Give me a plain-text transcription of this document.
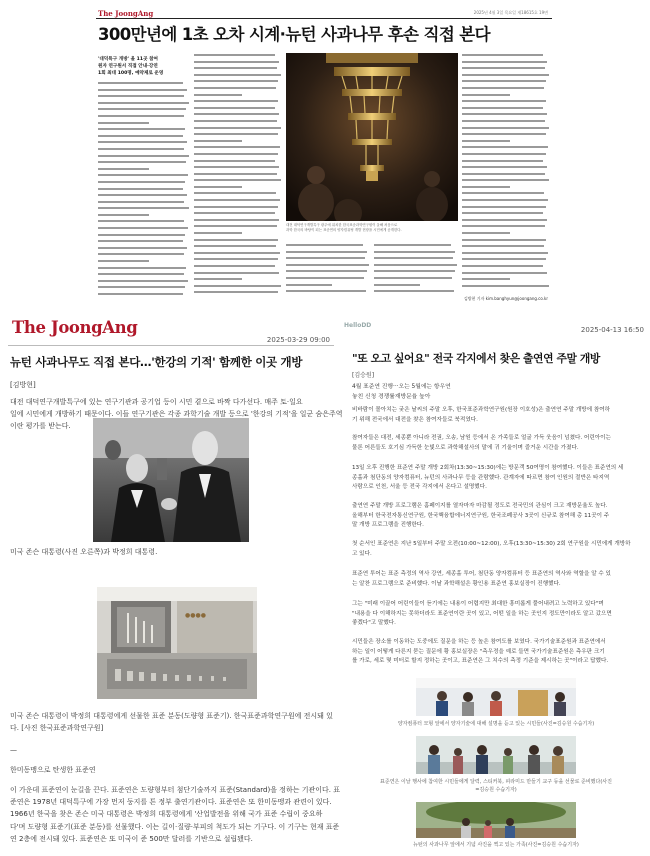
The JoongAng	2025년 4월 3일 목요일 제18615호 19면
300만년에 1초 오차 시계·뉴턴 사과나무 후손 직접 본다
'대덕특구 개방' 올 11곳 참여
원자 연구원서 직접 안내·강연
1회 최대 100명, 예약제로 운영
대전 대덕연구개발특구 광주에 위치한 한국표준과학연구원이 올해 처음으로
과학 한국의 바탕이 되는 표준연의 양자컴퓨팅 개발 현장을 시민에게 공개한다.
김방현 기자 kim.banghyun@joongang.co.kr
The JoongAng
2025-03-29 09:00
뉴턴 사과나무도 직접 본다…'한강의 기적' 함께한 이곳 개방
[김방현]
대전 대덕연구개발특구에 있는 연구기관과 공기업 등이 시민 곁으로 바짝 다가선다. 매주 토·일요
일에 시민에게 개방하기 때문이다. 이들 연구기관은 각종 과학기술 개발 등으로 '한강의 기적'을 일군 숨은주역
이란 평가를 받는다.
미국 존슨 대통령(사진 오른쪽)과 박정희 대통령.
●●●●
미국 존슨 대통령이 박정희 대통령에게 선물한 표준 분동(도량형 표준기). 한국표준과학연구원에 전시돼 있
다. [사진 한국표준과학연구원]
—
한미동맹으로 탄생한 표준연
이 가운데 표준연이 눈길을 끈다. 표준연은 도량형부터 첨단기술까지 표준(Standard)을 정하는 기관이다. 표
준연은 1978년 대덕특구에 가장 먼저 둥지를 튼 정부 출연기관이다. 표준연은 또 한미동맹과 관련이 있다.
1966년 한국을 찾은 존슨 미국 대통령은 박정희 대통령에게 '산업발전을 위해 국가 표준 수립이 중요하
다'며 도량형 표준기(표준 분동)를 선물했다. 이는 길이·질량·부피의 척도가 되는 기구다. 이 기구는 현재 표준
연 2층에 전시돼 있다. 표준연은 또 미국이 준 500만 달러를 기반으로 설립됐다.
HelloDD
2025-04-13 16:50
"또 오고 싶어요" 전국 각지에서 찾은 출연연 주말 개방
[김승원]
4월 표준연 진행···오는 5월에는 항우연
놓친 신청 경쟁률재방문율 높아
비바람이 몰아치는 궂은 날씨의 주말 오후, 한국표준과학연구원(원장 이호성)은 출연연 주말 개방에 참여하
기 위해 전국에서 대전을 찾은 참여자들로 북적였다.
참여자들은 대전, 세종뿐 아니라 전권, 오송, 남원 등에서 온 가족들로 얼굴 가득 웃음이 넘쳤다. 어린아이는
물론 어른들도 호기심 가득한 눈빛으로 과학해설사의 말에 귀 기울이며 즐거운 시간을 가졌다.
13일 오후 진행한 표준연 주말 개방 2회차(13:30~15:30)에는 방문객 50여명이 참여했다. 이들은 표준연의 세
종홀과 첨단동의 양자컴퓨터, 뉴턴의 사과나무 등을 관람했다. 관계자에 따르면 참여 인원의 절반은 타지역
사람으로 인천, 서울 등 전국 각지에서 온다고 설명했다.
출연연 주말 개방 프로그램은 홈페이지를 열자마자 마감될 정도로 전국민의 관심이 크고 재방문율도 높다.
올해부터 한국전자통신연구원, 한국핵융합에너지연구원, 한국조폐공사 3곳이 신규로 참여해 총 11곳이 주
말 개방 프로그램을 진행한다.
첫 순서인 표준연은 지난 5일부터 주말 오전(10:00~12:00), 오후(13:30~15:30) 2회 연구원을 시민에게 개방하
고 있다.
표준연 투어는 표준 측정의 역사 강연, 세종홀 투어, 첨단동 양자컴퓨터 등 표준연의 역사와 역할을 알 수 있
는 알찬 프로그램으로 준비했다. 이날 과학해설은 황인용 표준연 홍보실장이 진행했다.
그는 "미래 이끌어 어린이들이 듣기에는 내용이 어렵지만 최대한 흥미롭게 풀어내려고 노력하고 있다"며
"내용을 다 이해하지는 못하더라도 표준연이란 곳이 있고, 어떤 일을 하는 곳인지 정도만이라도 알고 갔으면
좋겠다"고 말했다.
시민들은 장소를 이동하는 도중에도 질문을 하는 등 높은 참여도를 보였다. 국가기술표준원과 표준연에서
하는 일이 어떻게 다른지 묻는 질문에 황 홍보실장은 "측우정을 예로 들면 국가기술표준원은 측우판 크기
를 가로, 세로 몇 미터로 할지 정하는 곳이고, 표준연은 그 치수의 측정 기준을 제시하는 곳"이라고 답했다.
양자컴퓨터 모형 앞에서 양자기술에 대해 설명을 듣고 있는 시민들(사진=김승원 수습기자)
표준연은 이날 행사에 참여한 시민들에게 달력, 스티커북, 피라미드 만들기 교구 등을 선물로 준비했다(사진
=김승원 수습기자)
뉴턴의 사과나무 앞에서 기념 사진을 찍고 있는 가족(사진=김승원 수습기자)
